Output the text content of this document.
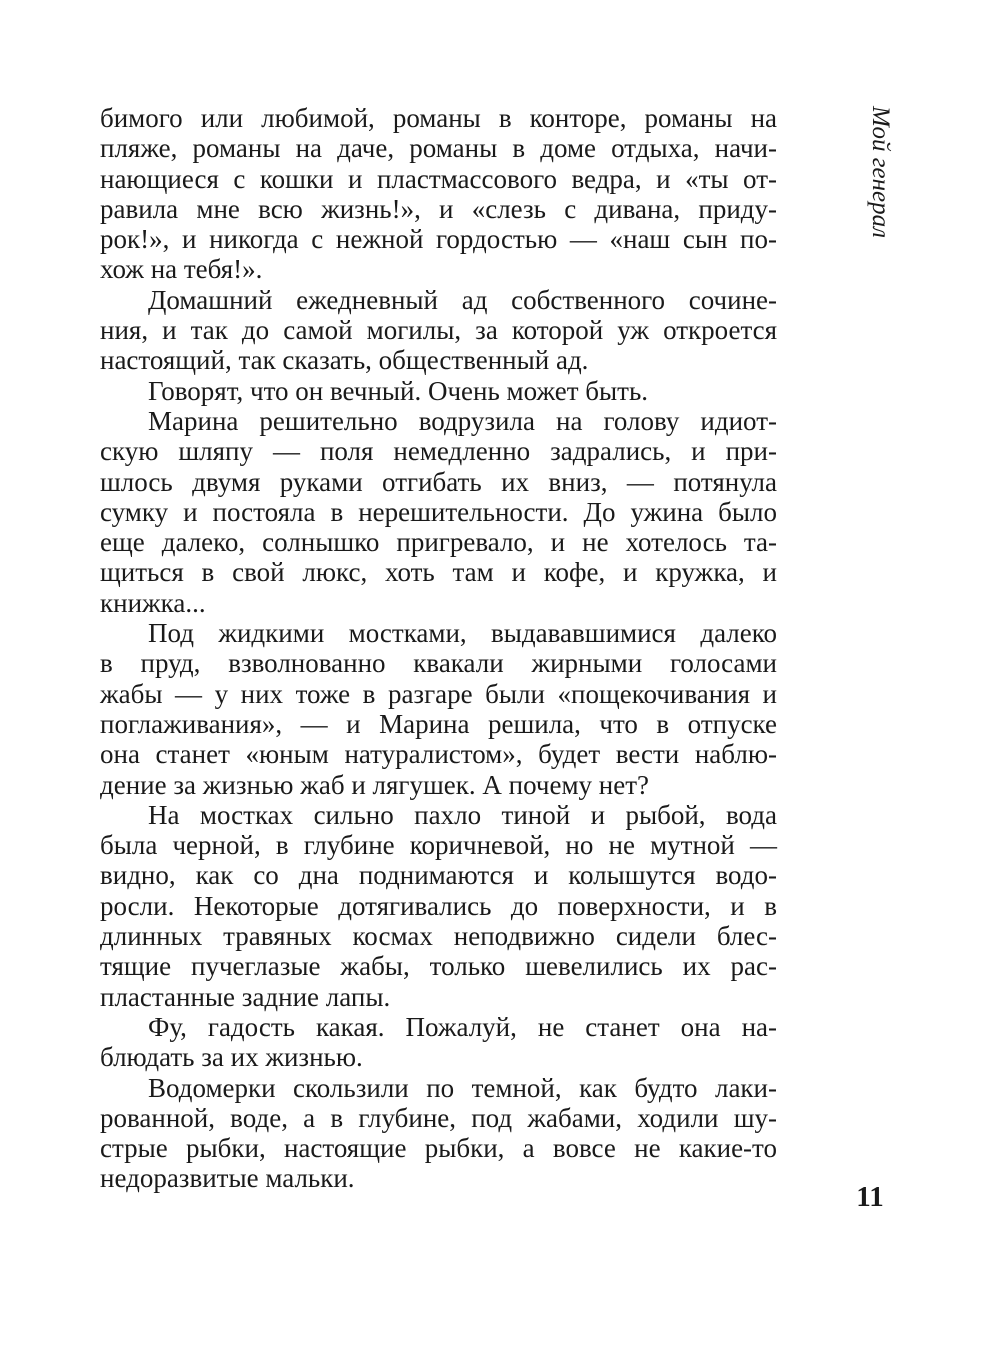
бимого или любимой, романы в конторе, романы на
пляже, романы на даче, романы в доме отдыха, начи-
нающиеся с кошки и пластмассового ведра, и «ты от-
равила мне всю жизнь!», и «слезь с дивана, приду-
рок!», и никогда с нежной гордостью — «наш сын по-
хож на тебя!».
Домашний ежедневный ад собственного сочине-
ния, и так до самой могилы, за которой уж откроется
настоящий, так сказать, общественный ад.
Говорят, что он вечный. Очень может быть.
Марина решительно водрузила на голову идиот-
скую шляпу — поля немедленно задрались, и при-
шлось двумя руками отгибать их вниз, — потянула
сумку и постояла в нерешительности. До ужина было
еще далеко, солнышко пригревало, и не хотелось та-
щиться в свой люкс, хоть там и кофе, и кружка, и
книжка...
Под жидкими мостками, выдававшимися далеко
в пруд, взволнованно квакали жирными голосами
жабы — у них тоже в разгаре были «пощекочивания и
поглаживания», — и Марина решила, что в отпуске
она станет «юным натуралистом», будет вести наблю-
дение за жизнью жаб и лягушек. А почему нет?
На мостках сильно пахло тиной и рыбой, вода
была черной, в глубине коричневой, но не мутной —
видно, как со дна поднимаются и колышутся водо-
росли. Некоторые дотягивались до поверхности, и в
длинных травяных космах неподвижно сидели блес-
тящие пучеглазые жабы, только шевелились их рас-
пластанные задние лапы.
Фу, гадость какая. Пожалуй, не станет она на-
блюдать за их жизнью.
Водомерки скользили по темной, как будто лаки-
рованной, воде, а в глубине, под жабами, ходили шу-
стрые рыбки, настоящие рыбки, а вовсе не какие-то
недоразвитые мальки.
Мой генерал
11
